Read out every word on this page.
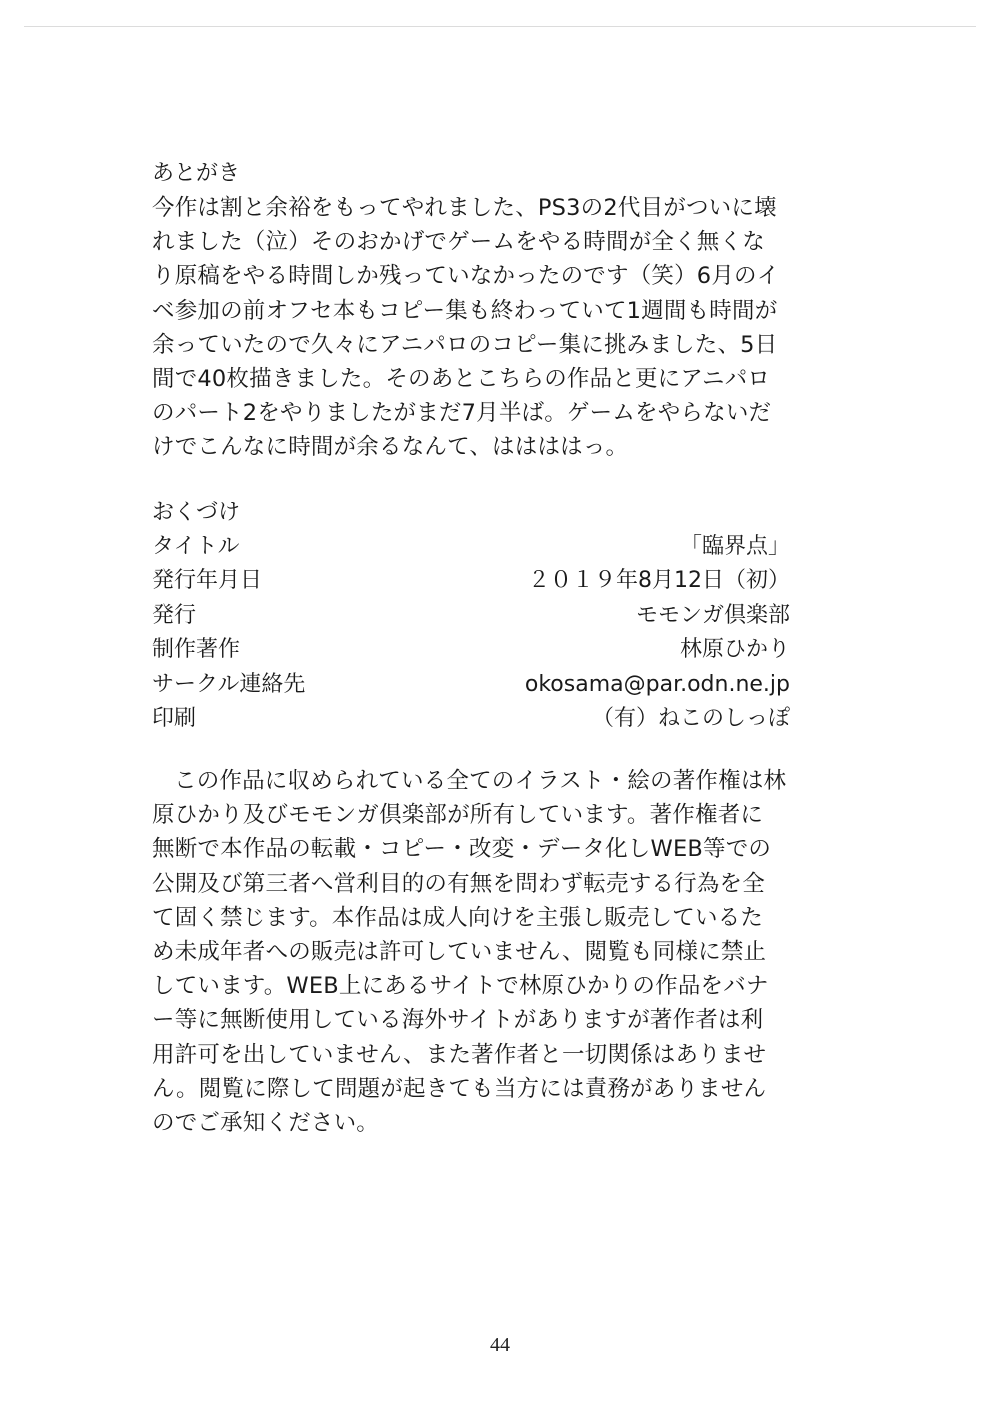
あとがき
今作は割と余裕をもってやれました、PS3の2代目がついに壊
れました（泣）そのおかげでゲームをやる時間が全く無くな
り原稿をやる時間しか残っていなかったのです（笑）6月のイ
ベ参加の前オフセ本もコピー集も終わっていて1週間も時間が
余っていたので久々にアニパロのコピー集に挑みました、5日
間で40枚描きました。そのあとこちらの作品と更にアニパロ
のパート2をやりましたがまだ7月半ば。ゲームをやらないだ
けでこんなに時間が余るなんて、ははははっ。
おくづけ
タイトル	「臨界点」
発行年月日	２０１９年8月12日（初）
発行	モモンガ倶楽部
制作著作	林原ひかり
サークル連絡先	okosama@par.odn.ne.jp
印刷	（有）ねこのしっぽ
この作品に収められている全てのイラスト・絵の著作権は林
原ひかり及びモモンガ倶楽部が所有しています。著作権者に
無断で本作品の転載・コピー・改変・データ化しWEB等での
公開及び第三者へ営利目的の有無を問わず転売する行為を全
て固く禁じます。本作品は成人向けを主張し販売しているた
め未成年者への販売は許可していません、閲覧も同様に禁止
しています。WEB上にあるサイトで林原ひかりの作品をバナ
ー等に無断使用している海外サイトがありますが著作者は利
用許可を出していません、また著作者と一切関係はありませ
ん。閲覧に際して問題が起きても当方には責務がありません
のでご承知ください。
44
